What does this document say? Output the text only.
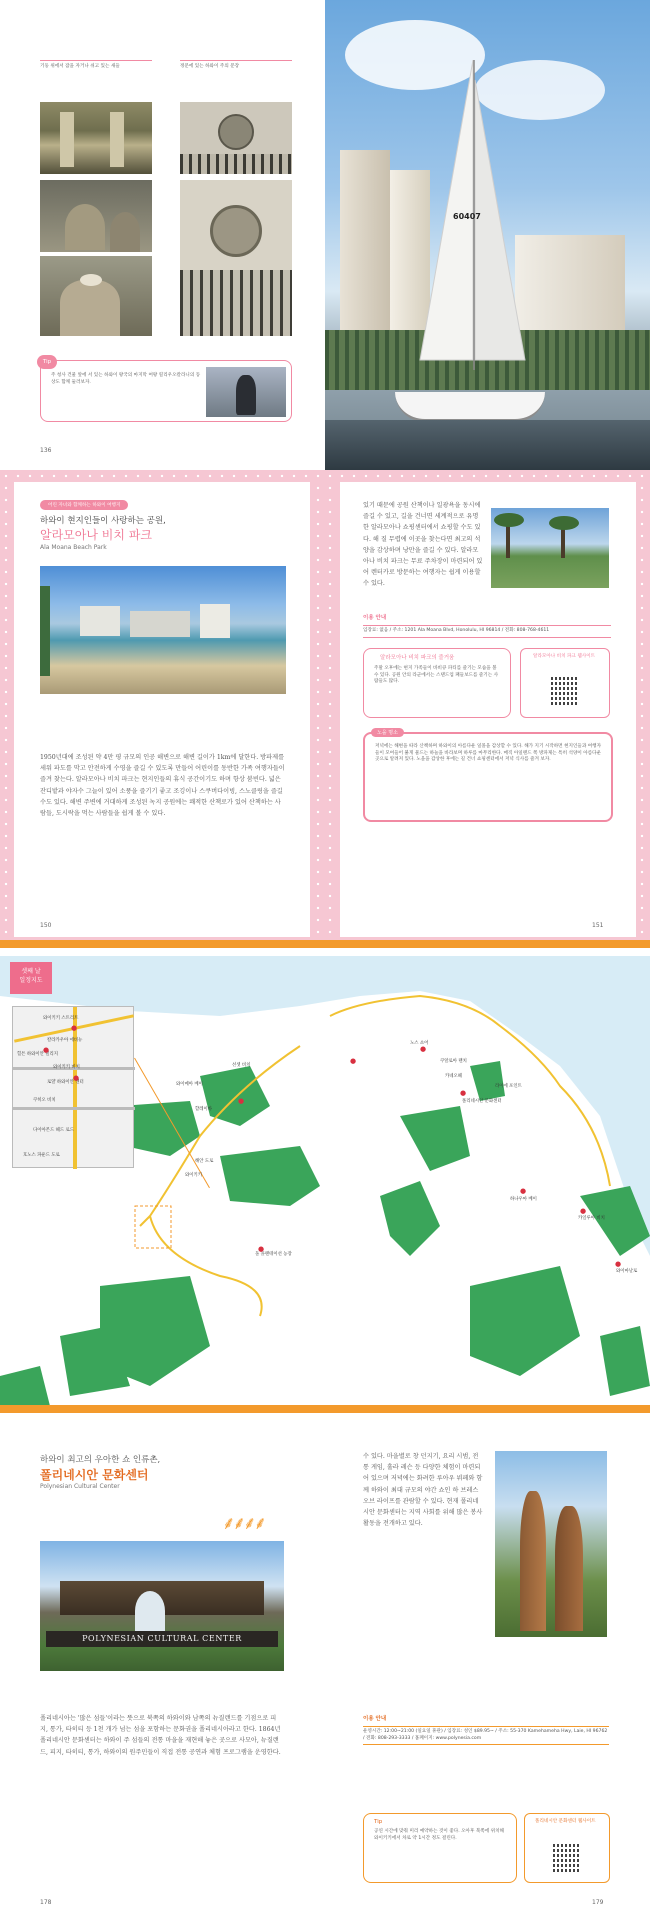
기둥 위에서 잠을 자거나 쉬고 있는 새들	정문에 있는 하와이 주의 문장
Tip
주 청사 건물 앞에 서 있는 하와이 왕국의 마지막 여왕 릴리우오칼라니의 동상도 함께 둘러보자.
136
60407
어린 자녀와 함께하는 하와이 여행지
하와이 현지인들이 사랑하는 공원,
알라모아나 비치 파크
Ala Moana Beach Park
1950년대에 조성된 약 4만 평 규모의 인공 해변으로 해변 길이가 1km에 달한다. 방파제를 세워 파도를 막고 안전하게 수영을 즐길 수 있도록 만들어 어린이를 동반한 가족 여행자들이 즐겨 찾는다. 알라모아나 비치 파크는 현지인들의 휴식 공간이기도 하며 항상 붐빈다. 넓은 잔디밭과 야자수 그늘이 있어 소풍을 즐기기 좋고 조깅이나 스쿠버다이빙, 스노클링을 즐길 수도 있다. 해변 주변에 거대하게 조성된 녹지 공원에는 쾌적한 산책로가 있어 산책하는 사람들, 도시락을 먹는 사람들을 쉽게 볼 수 있다.
150
있기 때문에 공원 산책이나 일광욕을 동시에 즐길 수 있고, 길을 건너면 세계적으로 유명한 알라모아나 쇼핑센터에서 쇼핑할 수도 있다. 해 질 무렵에 이곳을 찾는다면 최고의 석양을 감상하며 낭만을 즐길 수 있다. 알라모아나 비치 파크는 무료 주차장이 마련되어 있어 렌터카로 방문하는 여행자는 쉽게 이용할 수 있다.
이용 안내
입장료: 없음 / 주소: 1201 Ala Moana Blvd, Honolulu, HI 96814 / 전화: 808-768-4611
알라모아나 비치 파크의 즐거움
주말 오후에는 현지 가족들이 바비큐 파티를 즐기는 모습을 볼 수 있다. 공원 안의 라군에서는 스탠드업 패들보드를 즐기는 사람들도 많다.
알라모아나 비치 파크 웹사이트
노을 명소
저녁에는 해변을 따라 산책하며 하와이의 아름다운 일몰을 감상할 수 있다. 해가 지기 시작하면 현지인들과 여행자들이 모여들어 붉게 물드는 하늘을 바라보며 하루를 마무리한다. 매직 아일랜드 쪽 방파제는 특히 석양이 아름다운 곳으로 알려져 있다. 노을을 감상한 후에는 길 건너 쇼핑센터에서 저녁 식사를 즐겨 보자.
151
셋째 날
일정지도
와이키키 스트리트
칼라카우아 애비뉴
힐튼 하와이안 빌리지
와이키키 비치
로얄 하와이안 센터
쿠히오 비치
다이아몬드 헤드 로드
호노스 파운드 도로
●
●
●
●
선셋 비치
와이메아 베이
할레이바
노스 쇼어
쿠알로아 랜치
카네오헤
라이에 포인트
폴리네시안 문화센터
해안 도로
와이키키
돌 플랜테이션 농장
하나우마 베이
카일루아 비치
와이마날로
●
●
●
●
●
●
●
하와이 최고의 우아한 쇼 인류촌,
폴리네시안 문화센터
Polynesian Cultural Center
⸙⸙⸙⸙
POLYNESIAN CULTURAL CENTER
폴리네시아는 '많은 섬들'이라는 뜻으로 북쪽의 하와이와 남쪽의 뉴질랜드를 기점으로 피지, 통가, 타히티 등 1천 개가 넘는 섬을 포함하는 문화권을 폴리네시아라고 한다. 1864년 폴리네시안 문화센터는 하와이 주 섬들의 전통 마을을 재현해 놓은 곳으로 사모아, 뉴질랜드, 피지, 타히티, 통가, 하와이의 원주민들이 직접 전통 공연과 체험 프로그램을 운영한다.
178
수 있다. 마을별로 창 던지기, 요리 시범, 전통 게임, 훌라 레슨 등 다양한 체험이 마련되어 있으며 저녁에는 화려한 루아우 뷔페와 함께 하와이 최대 규모의 야간 쇼인 하 브레스 오브 라이프를 관람할 수 있다. 현재 폴리네시안 문화센터는 지역 사회를 위해 많은 봉사활동을 전개하고 있다.
이용 안내
운영시간: 12:00~21:00 (일요일 휴관) / 입장료: 성인 $89.95~ / 주소: 55-370 Kamehameha Hwy, Laie, HI 96762 / 전화: 808-293-3333 / 홈페이지: www.polynesia.com
Tip
공연 시간에 맞춰 미리 예약하는 것이 좋다. 오아후 북쪽에 위치해 와이키키에서 차로 약 1시간 정도 걸린다.
폴리네시안 문화센터 웹사이트
179
